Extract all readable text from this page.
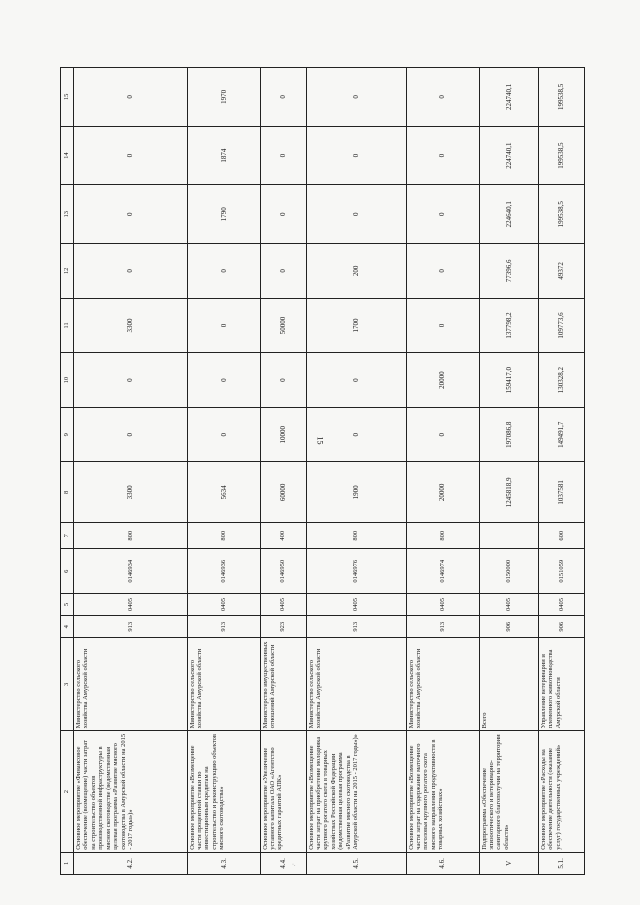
15
1	2	3	4	5	6	7	8	9	10	11	12	13	14	15
4.2.	Основное мероприятие «Финансовое обеспечение (возмещение) части затрат на строительство объектов производственной инфраструктуры в мясном скотоводстве (ведомственная целевая программа «Развитие мясного скотоводства в Амурской области на 2015 - 2017 годы»)»	Министерство сельского хозяйства Амурской области	913	0405	0146934	800	3300	0	0	3300	0	0	0	0
4.3.	Основное мероприятие «Возмещение части процентной ставки по инвестиционным кредитам на строительство и реконструкцию объектов мясного скотоводства»	Министерство сельского хозяйства Амурской области	913	0405	0146936	800	5634	0	0	0	0	1790	1874	1970
4.4.	Основное мероприятие «Увеличение уставного капитала ОАО «Агентство кредитных гарантий АПК»	Министерство имущественных отношений Амурской области	923	0405	0146950	400	60000	10000	0	50000	0	0	0	0
4.5.	Основное мероприятие «Возмещение части затрат на приобретение молодняка крупного рогатого скота в товарных хозяйствах Российской Федерации (ведомственная целевая программа «Развитие мясного скотоводства в Амурской области на 2015 - 2017 годы»)»	Министерство сельского хозяйства Амурской области	913	0405	0146976	800	1900	0	0	1700	200	0	0	0
4.6.	Основное мероприятие «Возмещение части затрат на содержание маточного поголовья крупного рогатого скота мясного направления продуктивности в товарных хозяйствах»	Министерство сельского хозяйства Амурской области	913	0405	0146974	800	20000	0	20000	0	0	0	0	0
V	Подпрограмма «Обеспечение эпизоотического и ветеринарно-санитарного благополучия на территории области»	Всего	906	0405	0150000		1245818,9	197086,8	159417,0	137798,2	77396,6	224640,1	224740,1	224740,1
5.1.	Основное мероприятие «Расходы на обеспечение деятельности (оказание услуг) государственных учреждений»	Управление ветеринарии и племенного животноводства Амурской области	906	0405	0151059	600	1037581	149491,7	130328,2	109773,6	49372	199538,5	199538,5	199538,5
·.
